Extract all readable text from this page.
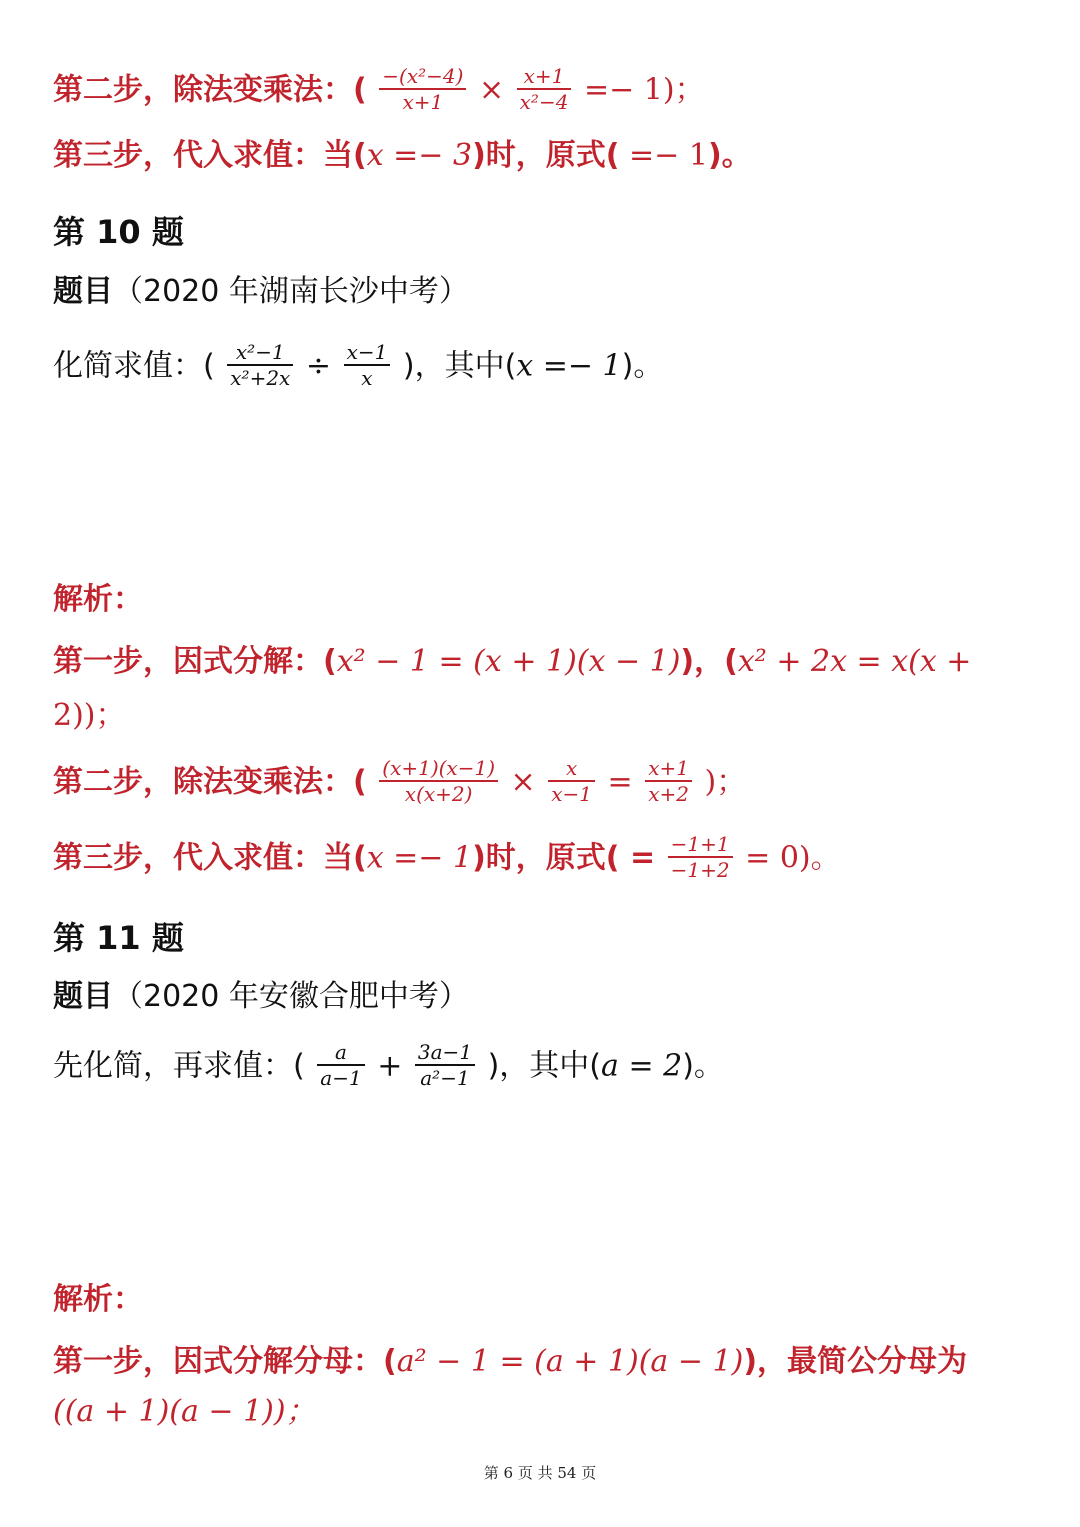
第二步，除法变乘法：( $\frac{\text{−(x²−4)}}{x+1} \times \frac{x+1}{\text{x²−4}} =- 1$)；
第三步，代入求值：当(x =− 3)时，原式( =− 1)。
第 10 题
题目（2020 年湖南长沙中考）
化简求值：( $\frac{\text{x²−1}}{\text{x²+2x}} \div \frac{x-1}{x}$ )，其中(x =− 1)。
解析：
第一步，因式分解：(x² − 1 = (x + 1)(x − 1))，(x² + 2x = x(x +
2))；
第二步，除法变乘法：( $\frac{(x+1)(x-1)}{x(x+2)} \times \frac{x}{x-1} = \frac{x+1}{x+2}$ )；
第三步，代入求值：当(x =− 1)时，原式( = $\frac{-1+1}{-1+2} = 0$)。
第 11 题
题目（2020 年安徽合肥中考）
先化简，再求值：( $\frac{a}{a-1} + \frac{3a-1}{\text{a²−1}}$ )，其中(a = 2)。
解析：
第一步，因式分解分母：(a² − 1 = (a + 1)(a − 1))，最简公分母为
((a + 1)(a − 1))；
第 6 页 共 54 页
